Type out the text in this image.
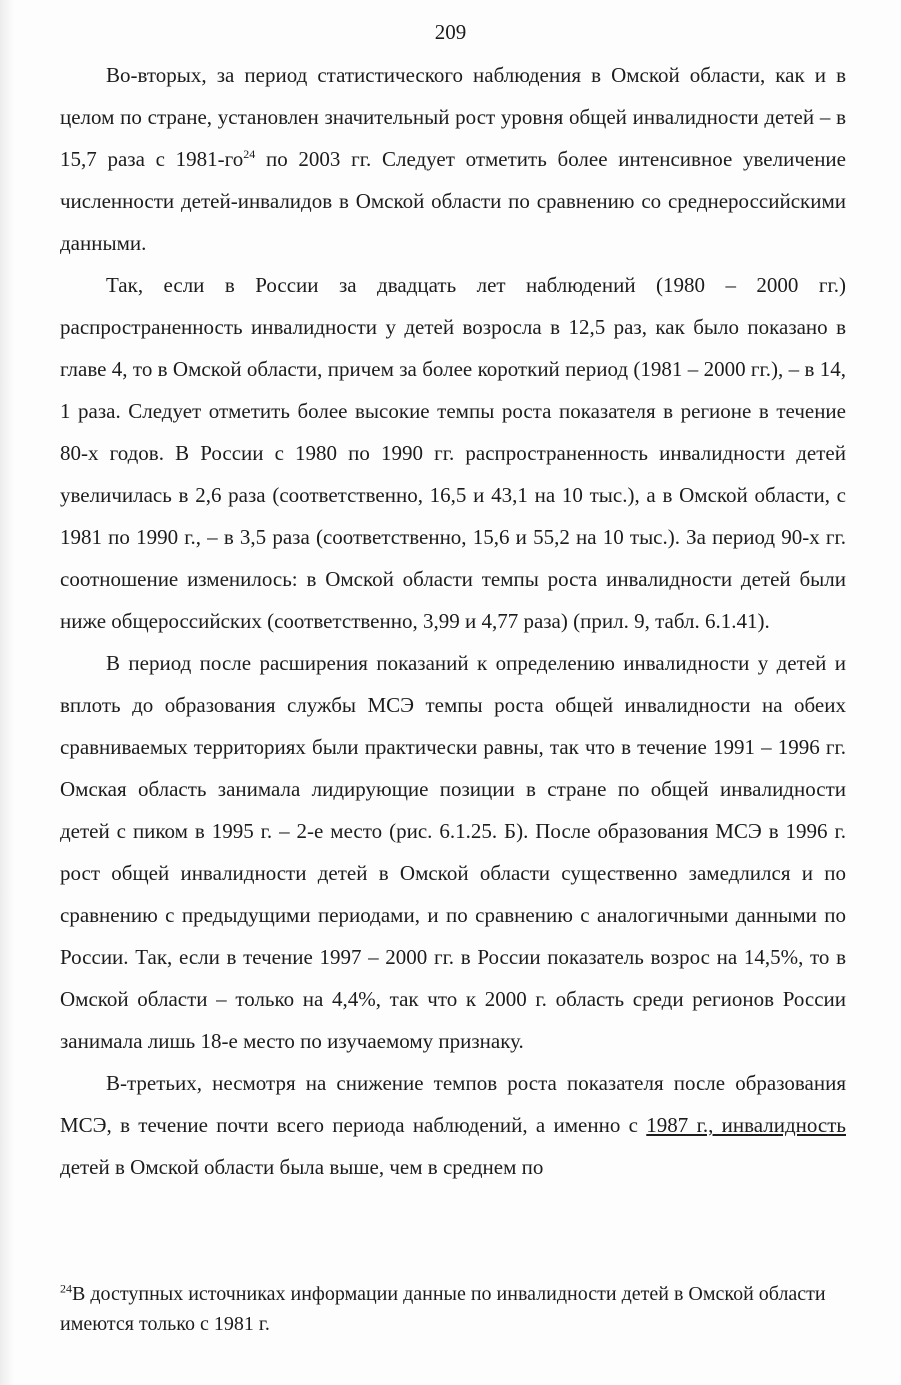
209

Во-вторых, за период статистического наблюдения в Омской области, как и в целом по стране, установлен значительный рост уровня общей инвалидности детей – в 15,7 раза с 1981-го$^{24}$ по 2003 гг. Следует отметить более интенсивное увеличение численности детей-инвалидов в Омской области по сравнению со среднероссийскими данными.

Так, если в России за двадцать лет наблюдений (1980 – 2000 гг.) распространенность инвалидности у детей возросла в 12,5 раз, как было показано в главе 4, то в Омской области, причем за более короткий период (1981 – 2000 гг.), – в 14, 1 раза. Следует отметить более высокие темпы роста показателя в регионе в течение 80-х годов. В России с 1980 по 1990 гг. распространенность инвалидности детей увеличилась в 2,6 раза (соответственно, 16,5 и 43,1 на 10 тыс.), а в Омской области, с 1981 по 1990 г., – в 3,5 раза (соответственно, 15,6 и 55,2 на 10 тыс.). За период 90-х гг. соотношение изменилось: в Омской области темпы роста инвалидности детей были ниже общероссийских (соответственно, 3,99 и 4,77 раза) (прил. 9, табл. 6.1.41).

В период после расширения показаний к определению инвалидности у детей и вплоть до образования службы МСЭ темпы роста общей инвалидности на обеих сравниваемых территориях были практически равны, так что в течение 1991 – 1996 гг. Омская область занимала лидирующие позиции в стране по общей инвалидности детей с пиком в 1995 г. – 2-е место (рис. 6.1.25. Б). После образования МСЭ в 1996 г. рост общей инвалидности детей в Омской области существенно замедлился и по сравнению с предыдущими периодами, и по сравнению с аналогичными данными по России. Так, если в течение 1997 – 2000 гг. в России показатель возрос на 14,5%, то в Омской области – только на 4,4%, так что к 2000 г. область среди регионов России занимала лишь 18-е место по изучаемому признаку.

В-третьих, несмотря на снижение темпов роста показателя после образования МСЭ, в течение почти всего периода наблюдений, а именно с 1987 г., инвалидность детей в Омской области была выше, чем в среднем по

$^{24}$В доступных источниках информации данные по инвалидности детей в Омской области имеются только с 1981 г.
